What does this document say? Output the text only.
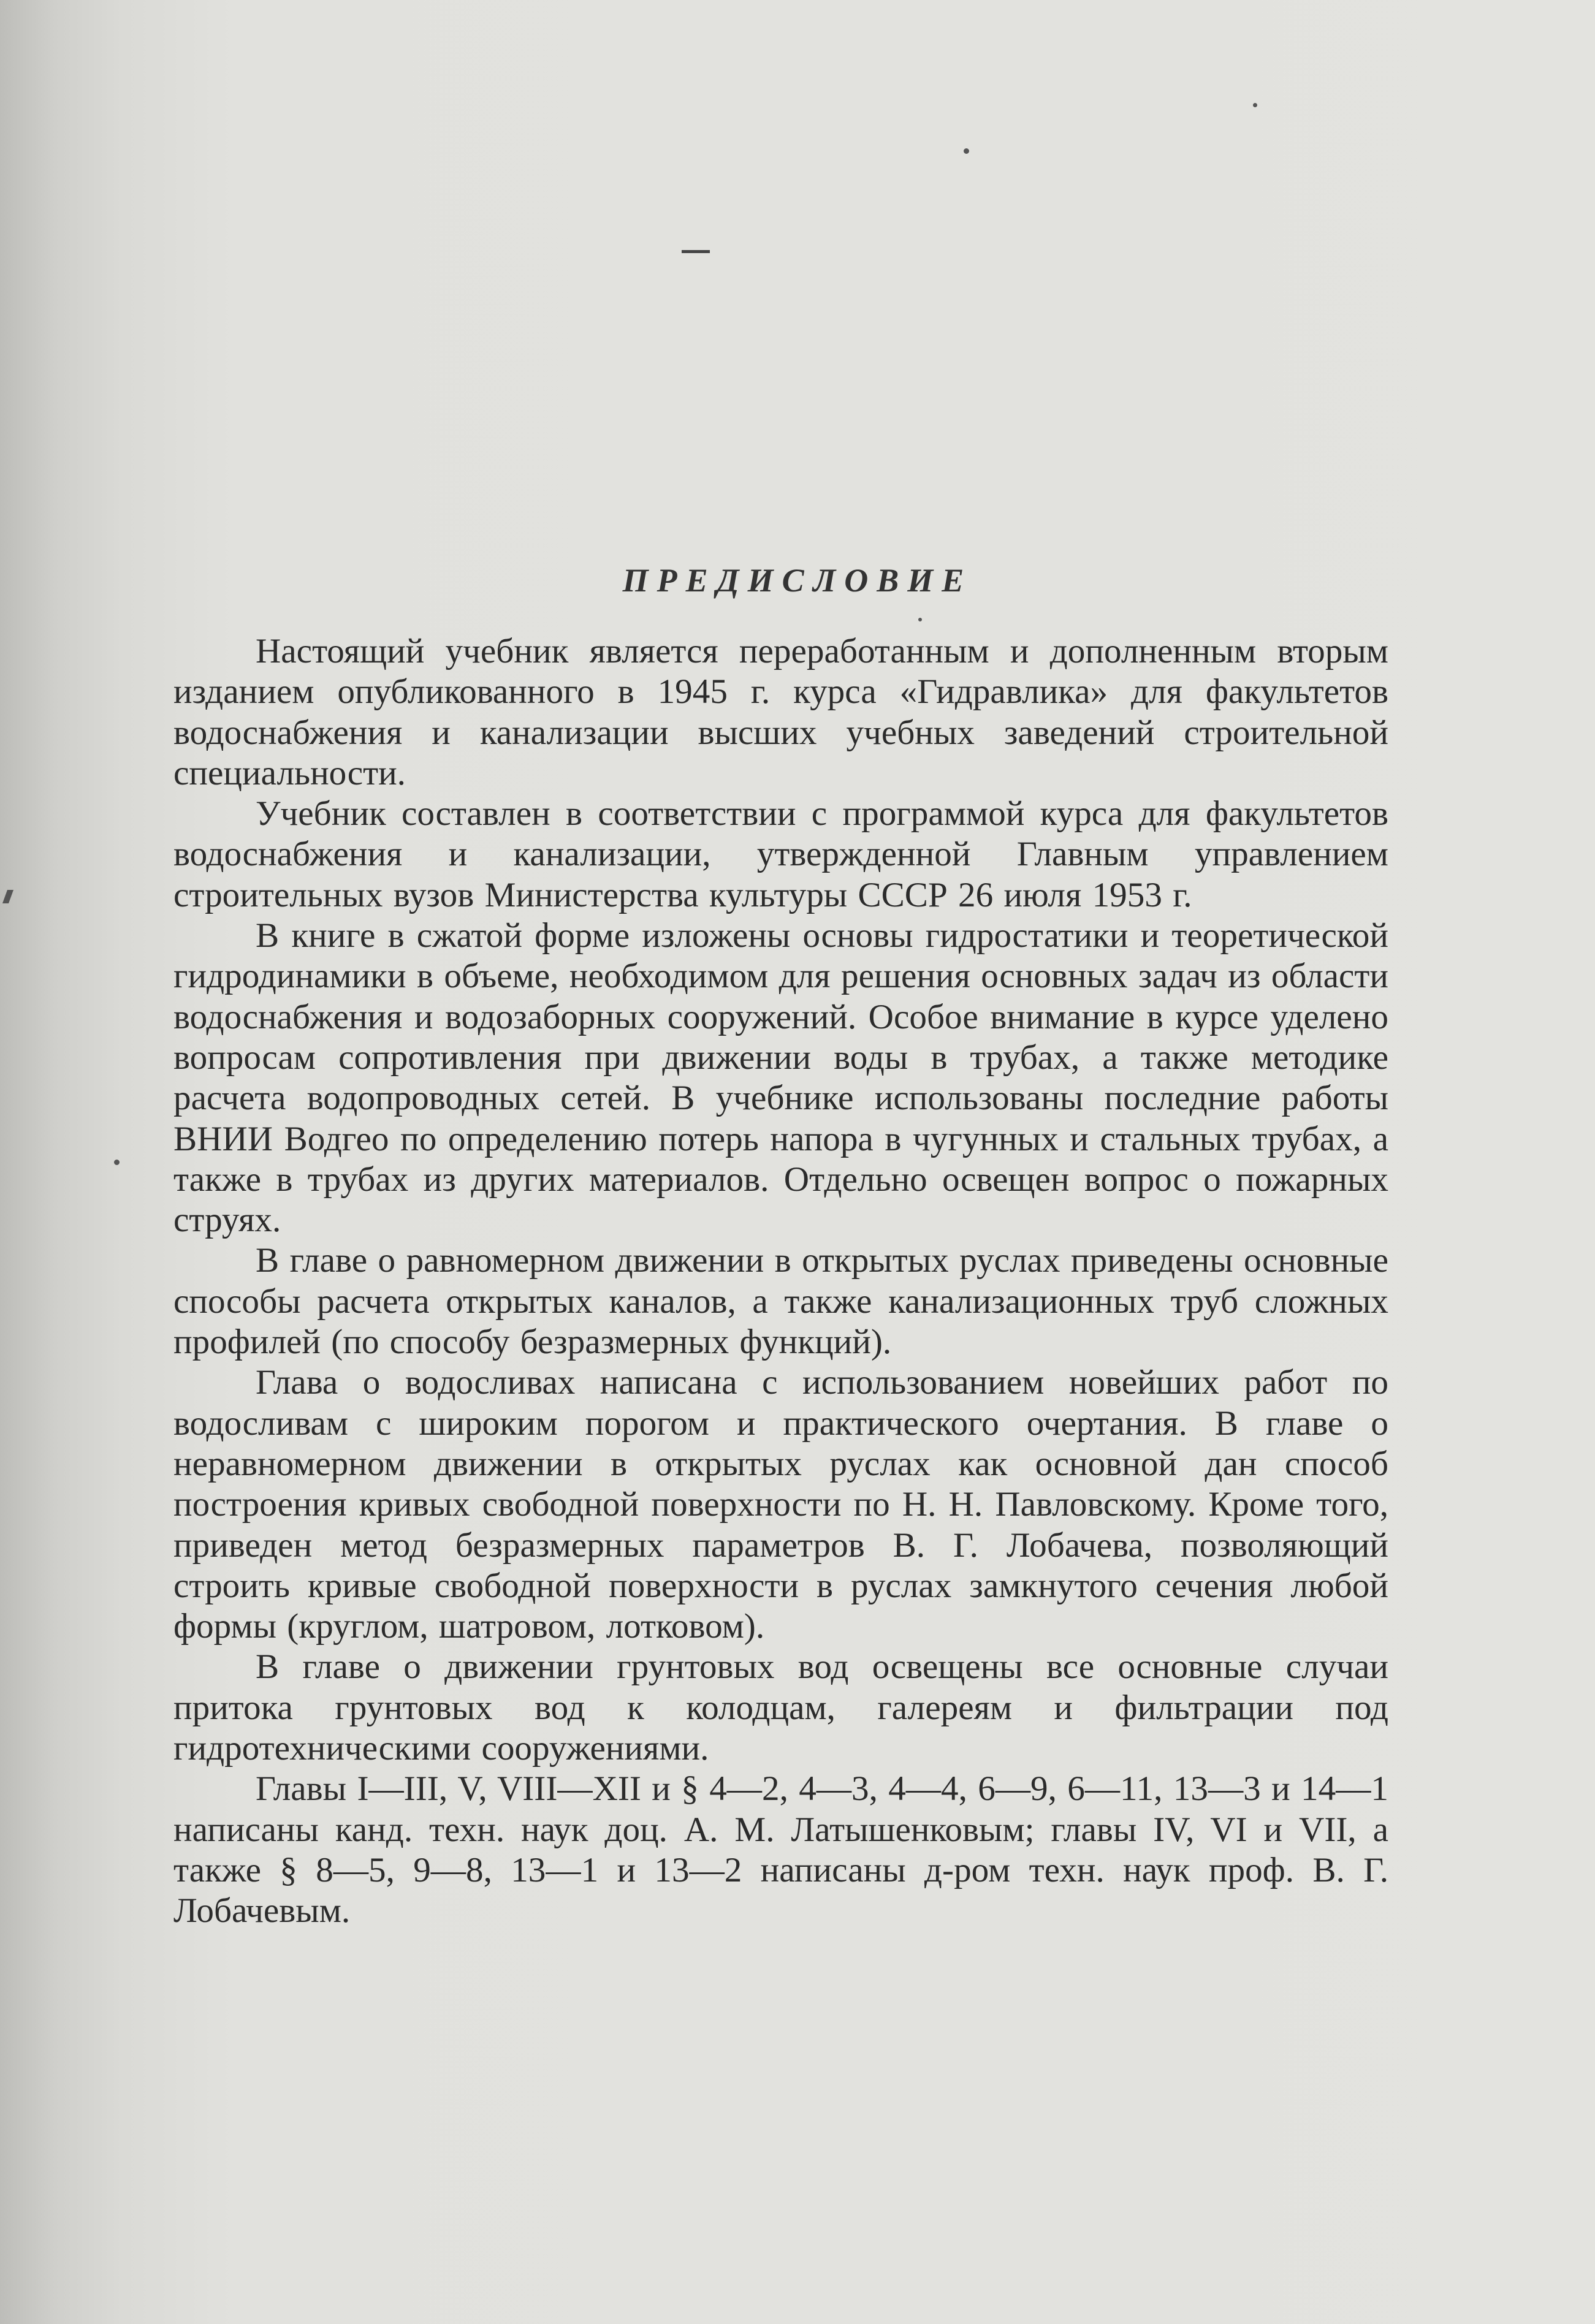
ПРЕДИСЛОВИЕ

Настоящий учебник является переработанным и дополненным вторым изданием опубликованного в 1945 г. курса «Гидравлика» для факультетов водоснабжения и канализации высших учебных заведений строительной специальности.

Учебник составлен в соответствии с программой курса для факультетов водоснабжения и канализации, утвержденной Главным управлением строительных вузов Министерства культуры СССР 26 июля 1953 г.

В книге в сжатой форме изложены основы гидростатики и теоретической гидродинамики в объеме, необходимом для решения основных задач из области водоснабжения и водозаборных сооружений. Особое внимание в курсе уделено вопросам сопротивления при движении воды в трубах, а также методике расчета водопроводных сетей. В учебнике использованы последние работы ВНИИ Водгео по определению потерь напора в чугунных и стальных трубах, а также в трубах из других материалов. Отдельно освещен вопрос о пожарных струях.

В главе о равномерном движении в открытых руслах приведены основные способы расчета открытых каналов, а также канализационных труб сложных профилей (по способу безразмерных функций).

Глава о водосливах написана с использованием новейших работ по водосливам с широким порогом и практического очертания. В главе о неравномерном движении в открытых руслах как основной дан способ построения кривых свободной поверхности по Н. Н. Павловскому. Кроме того, приведен метод безразмерных параметров В. Г. Лобачева, позволяющий строить кривые свободной поверхности в руслах замкнутого сечения любой формы (круглом, шатровом, лотковом).

В главе о движении грунтовых вод освещены все основные случаи притока грунтовых вод к колодцам, галереям и фильтрации под гидротехническими сооружениями.

Главы I—III, V, VIII—XII и § 4—2, 4—3, 4—4, 6—9, 6—11, 13—3 и 14—1 написаны канд. техн. наук доц. А. М. Латышенковым; главы IV, VI и VII, а также § 8—5, 9—8, 13—1 и 13—2 написаны д-ром техн. наук проф. В. Г. Лобачевым.
